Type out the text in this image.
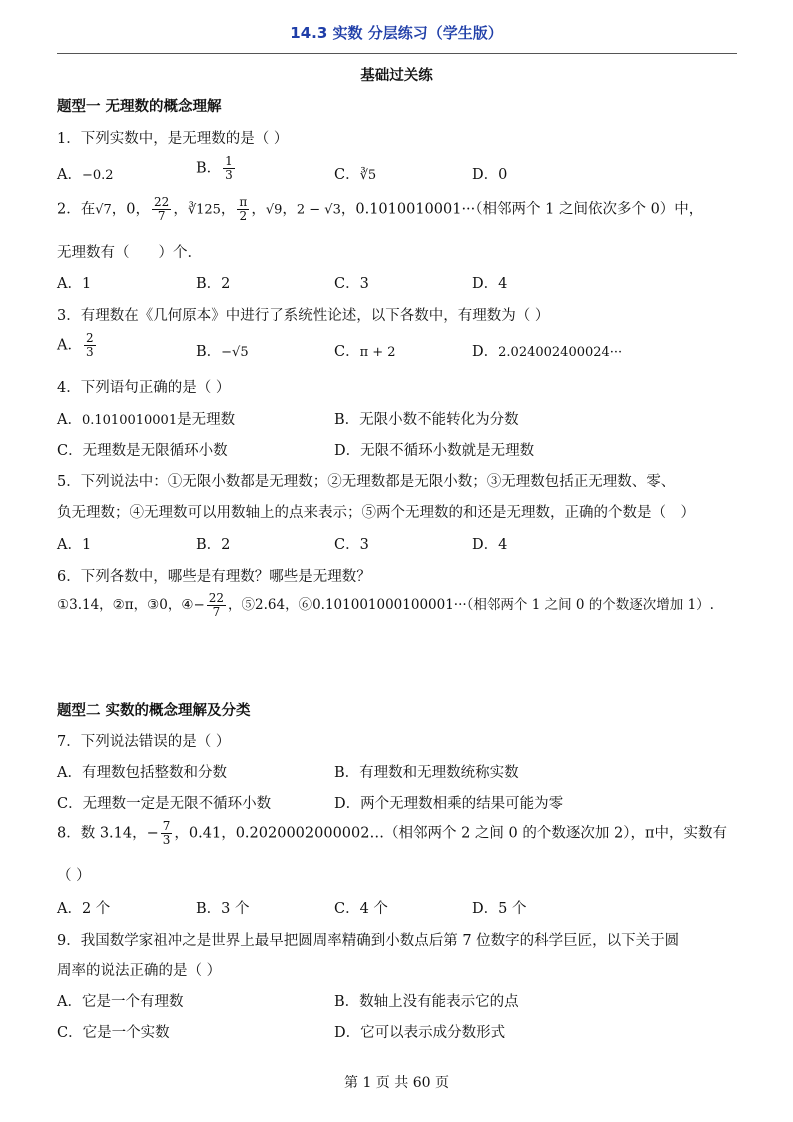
14.3 实数 分层练习（学生版）
基础过关练
题型一 无理数的概念理解
1．下列实数中，是无理数的是（ ）
A．−0.2	B． $\frac{1}{3}$	C．∛5	D．0
2．在√7，0， $\frac{22}{7}$ ，∛125， $\frac{\pi}{2}$ ，√9，2 − √3，0.1010010001···（相邻两个 1 之间依次多个 0）中，
无理数有（　　）个．
A．1	B．2	C．3	D．4
3．有理数在《几何原本》中进行了系统性论述，以下各数中，有理数为（ ）
A． $\frac{2}{3}$	B．−√5	C．π + 2	D．2.024002400024···
4．下列语句正确的是（ ）
A．0.1010010001是无理数	B．无限小数不能转化为分数
C．无理数是无限循环小数	D．无限不循环小数就是无理数
5．下列说法中：①无限小数都是无理数；②无理数都是无限小数；③无理数包括正无理数、零、
负无理数；④无理数可以用数轴上的点来表示；⑤两个无理数的和还是无理数，正确的个数是（　）
A．1	B．2	C．3	D．4
6．下列各数中，哪些是有理数？哪些是无理数？
①3.14，②π，③0，④− $\frac{22}{7}$ ，⑤2.64，⑥0.101001000100001···（相邻两个 1 之间 0 的个数逐次增加 1）.
题型二 实数的概念理解及分类
7．下列说法错误的是（ ）
A．有理数包括整数和分数	B．有理数和无理数统称实数
C．无理数一定是无限不循环小数	D．两个无理数相乘的结果可能为零
8．数 3.14，− $\frac{7}{3}$ ，0.41，0.2020002000002…（相邻两个 2 之间 0 的个数逐次加 2），π中，实数有
（ ）
A．2 个	B．3 个	C．4 个	D．5 个
9．我国数学家祖冲之是世界上最早把圆周率精确到小数点后第 7 位数字的科学巨匠，以下关于圆
周率的说法正确的是（ ）
A．它是一个有理数	B．数轴上没有能表示它的点
C．它是一个实数	D．它可以表示成分数形式
第 1 页 共 60 页
